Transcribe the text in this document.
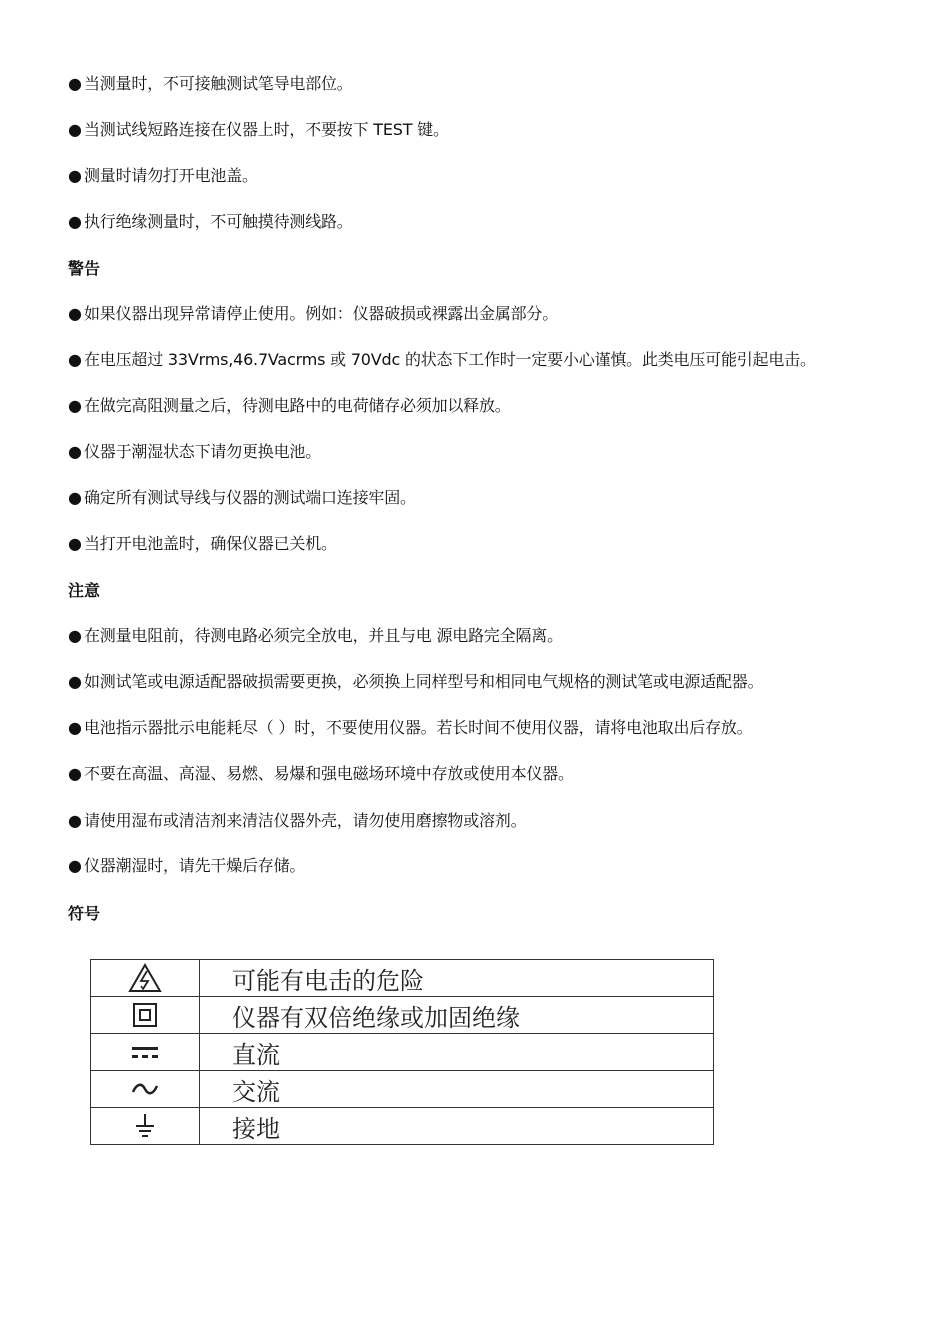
● 当测量时，不可接触测试笔导电部位。
● 当测试线短路连接在仪器上时，不要按下 TEST 键。
● 测量时请勿打开电池盖。
● 执行绝缘测量时，不可触摸待测线路。
警告
● 如果仪器出现异常请停止使用。例如：仪器破损或裸露出金属部分。
● 在电压超过 33Vrms,46.7Vacrms 或 70Vdc 的状态下工作时一定要小心谨慎。此类电压可能引起电击。
● 在做完高阻测量之后，待测电路中的电荷储存必须加以释放。
● 仪器于潮湿状态下请勿更换电池。
● 确定所有测试导线与仪器的测试端口连接牢固。
● 当打开电池盖时，确保仪器已关机。
注意
● 在测量电阻前，待测电路必须完全放电，并且与电 源电路完全隔离。
● 如测试笔或电源适配器破损需要更换，必须换上同样型号和相同电气规格的测试笔或电源适配器。
● 电池指示器批示电能耗尽（ ）时，不要使用仪器。若长时间不使用仪器，请将电池取出后存放。
● 不要在高温、高湿、易燃、易爆和强电磁场环境中存放或使用本仪器。
● 请使用湿布或清洁剂来清洁仪器外壳，请勿使用磨擦物或溶剂。
● 仪器潮湿时，请先干燥后存储。
符号
	可能有电击的危险

	仪器有双倍绝缘或加固绝缘

	直流

	交流

	接地
